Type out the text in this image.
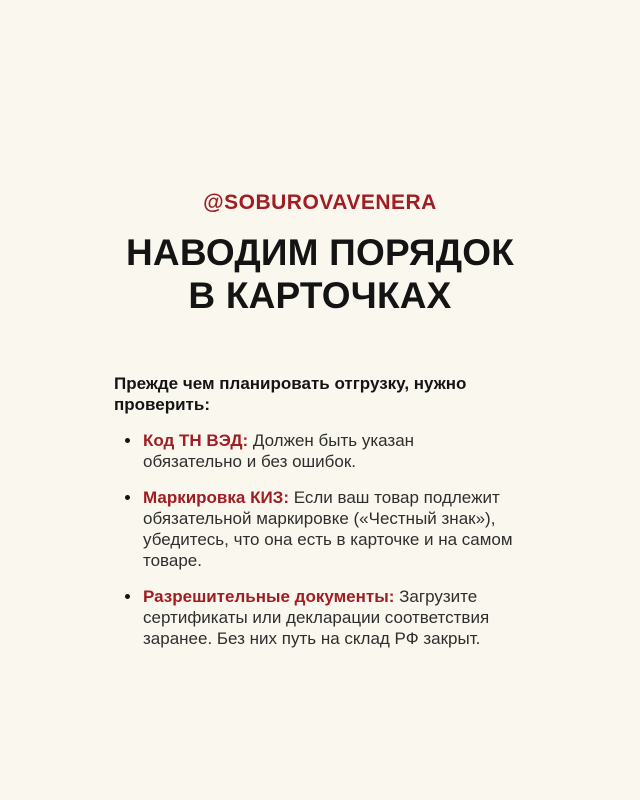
@SOBUROVAVENERA
НАВОДИМ ПОРЯДОК
В КАРТОЧКАХ

Прежде чем планировать отгрузку, нужно проверить:

Код ТН ВЭД: Должен быть указан обязательно и без ошибок.
Маркировка КИЗ: Если ваш товар подлежит обязательной маркировке («Честный знак»), убедитесь, что она есть в карточке и на самом товаре.
Разрешительные документы: Загрузите сертификаты или декларации соответствия заранее. Без них путь на склад РФ закрыт.
